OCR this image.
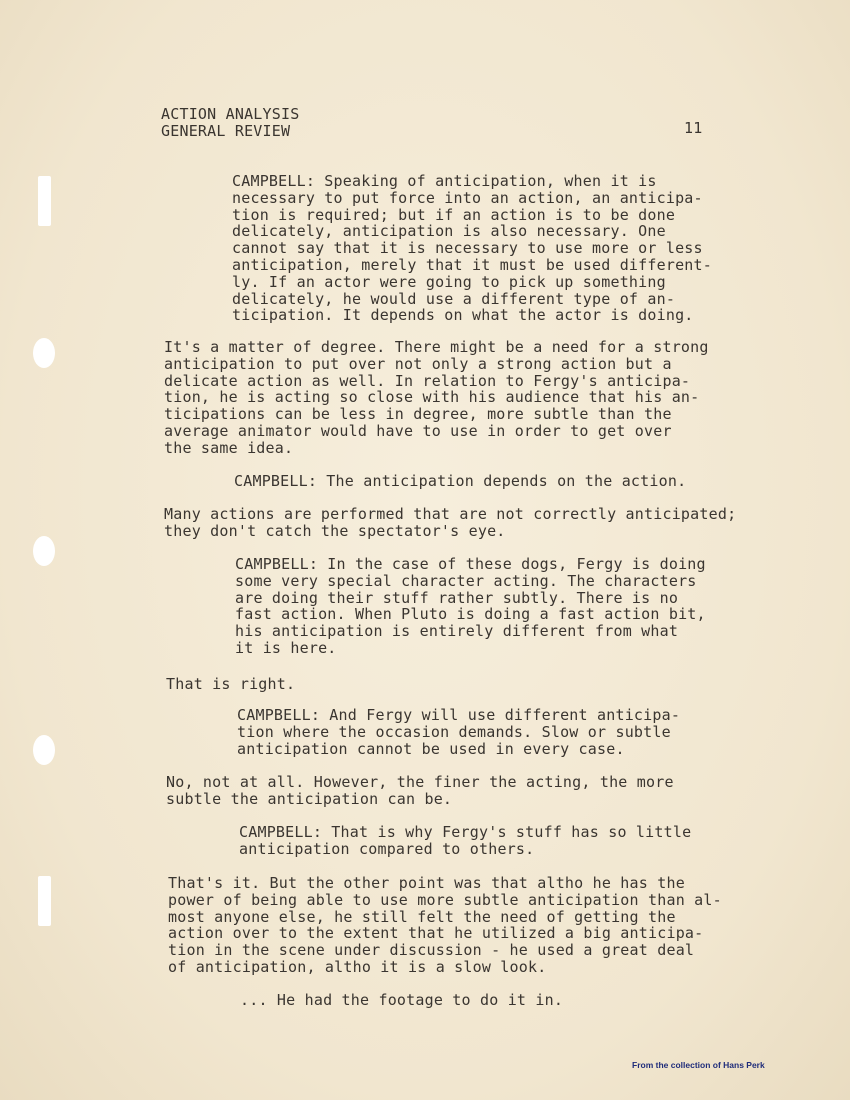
ACTION ANALYSIS
GENERAL REVIEW	11

CAMPBELL: Speaking of anticipation, when it is
necessary to put force into an action, an anticipa-
tion is required; but if an action is to be done
delicately, anticipation is also necessary. One
cannot say that it is necessary to use more or less
anticipation, merely that it must be used different-
ly. If an actor were going to pick up something
delicately, he would use a different type of an-
ticipation. It depends on what the actor is doing.

It's a matter of degree. There might be a need for a strong
anticipation to put over not only a strong action but a
delicate action as well. In relation to Fergy's anticipa-
tion, he is acting so close with his audience that his an-
ticipations can be less in degree, more subtle than the
average animator would have to use in order to get over
the same idea.

CAMPBELL: The anticipation depends on the action.

Many actions are performed that are not correctly anticipated;
they don't catch the spectator's eye.

CAMPBELL: In the case of these dogs, Fergy is doing
some very special character acting. The characters
are doing their stuff rather subtly. There is no
fast action. When Pluto is doing a fast action bit,
his anticipation is entirely different from what
it is here.

That is right.

CAMPBELL: And Fergy will use different anticipa-
tion where the occasion demands. Slow or subtle
anticipation cannot be used in every case.

No, not at all. However, the finer the acting, the more
subtle the anticipation can be.

CAMPBELL: That is why Fergy's stuff has so little
anticipation compared to others.

That's it. But the other point was that altho he has the
power of being able to use more subtle anticipation than al-
most anyone else, he still felt the need of getting the
action over to the extent that he utilized a big anticipa-
tion in the scene under discussion - he used a great deal
of anticipation, altho it is a slow look.

... He had the footage to do it in.

From the collection of Hans Perk
